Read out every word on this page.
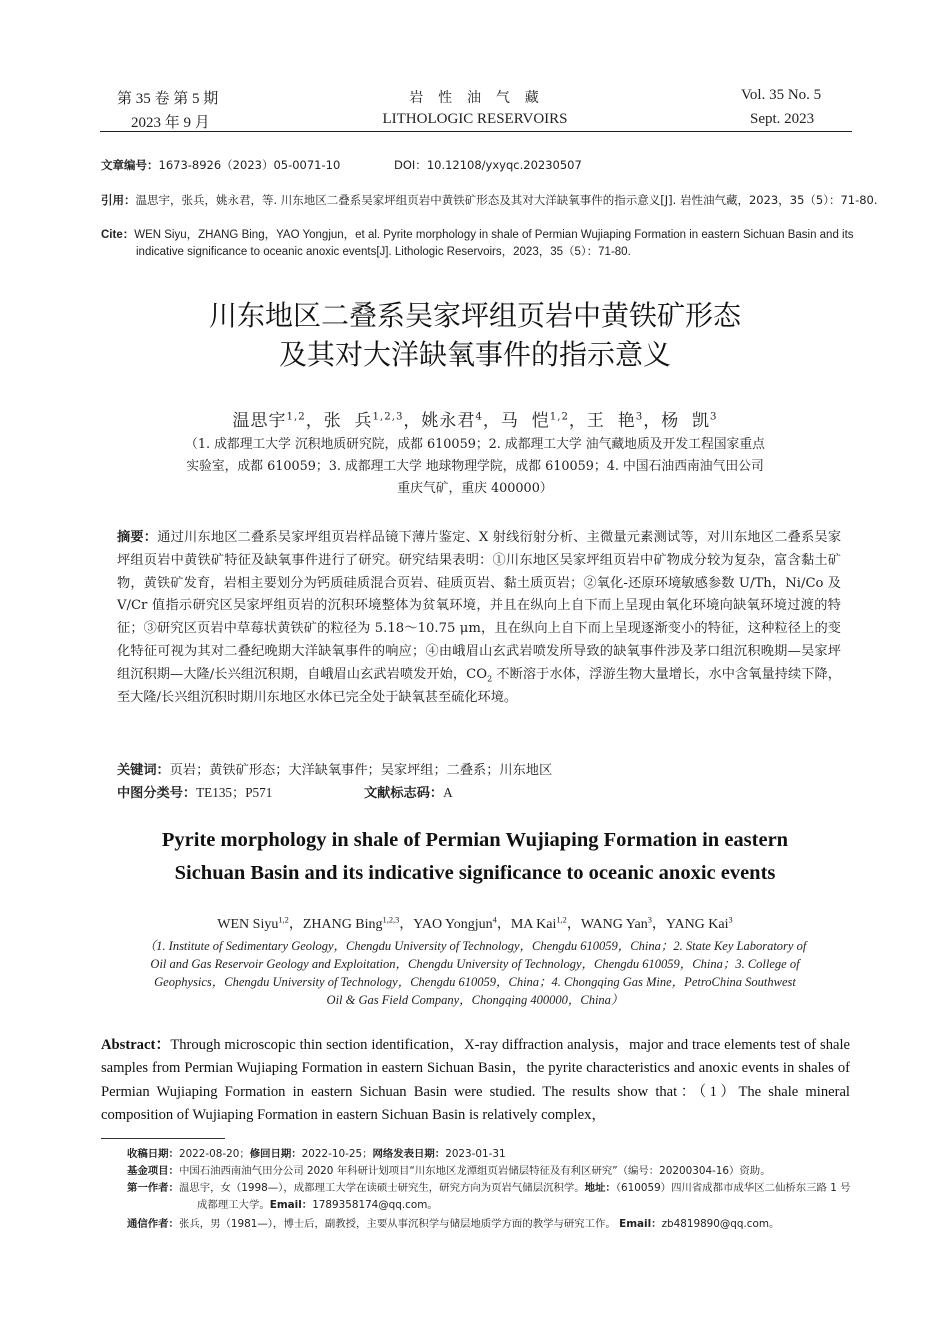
第 35 卷 第 5 期
2023 年 9 月
岩  性  油  气  藏
LITHOLOGIC RESERVOIRS
Vol. 35 No. 5
Sept. 2023
文章编号：1673-8926（2023）05-0071-10	DOI：10.12108/yxyqc.20230507
引用：温思宇，张兵，姚永君，等. 川东地区二叠系吴家坪组页岩中黄铁矿形态及其对大洋缺氧事件的指示意义[J]. 岩性油气藏，2023，35（5）：71-80.
Cite：WEN Siyu，ZHANG Bing，YAO Yongjun，et al. Pyrite morphology in shale of Permian Wujiaping Formation in eastern Sichuan Basin and its indicative significance to oceanic anoxic events[J]. Lithologic Reservoirs，2023，35（5）：71-80.
川东地区二叠系吴家坪组页岩中黄铁矿形态
及其对大洋缺氧事件的指示意义
温思宇$^{1,2}$，张  兵$^{1,2,3}$，姚永君$^4$，马  恺$^{1,2}$，王  艳$^3$，杨  凯$^3$
（1. 成都理工大学 沉积地质研究院，成都 610059；2. 成都理工大学 油气藏地质及开发工程国家重点
实验室，成都 610059；3. 成都理工大学 地球物理学院，成都 610059；4. 中国石油西南油气田公司
重庆气矿，重庆 400000）
摘要：通过川东地区二叠系吴家坪组页岩样品镜下薄片鉴定、X 射线衍射分析、主微量元素测试等，对川东地区二叠系吴家坪组页岩中黄铁矿特征及缺氧事件进行了研究。研究结果表明：①川东地区吴家坪组页岩中矿物成分较为复杂，富含黏土矿物，黄铁矿发育，岩相主要划分为钙质硅质混合页岩、硅质页岩、黏土质页岩；②氧化-还原环境敏感参数 U/Th，Ni/Co 及 V/Cr 值指示研究区吴家坪组页岩的沉积环境整体为贫氧环境，并且在纵向上自下而上呈现由氧化环境向缺氧环境过渡的特征；③研究区页岩中草莓状黄铁矿的粒径为 5.18～10.75 μm，且在纵向上自下而上呈现逐渐变小的特征，这种粒径上的变化特征可视为其对二叠纪晚期大洋缺氧事件的响应；④由峨眉山玄武岩喷发所导致的缺氧事件涉及茅口组沉积晚期—吴家坪组沉积期—大隆/长兴组沉积期，自峨眉山玄武岩喷发开始，$CO_2$ 不断溶于水体，浮游生物大量增长，水中含氧量持续下降，至大隆/长兴组沉积时期川东地区水体已完全处于缺氧甚至硫化环境。
关键词：页岩；黄铁矿形态；大洋缺氧事件；吴家坪组；二叠系；川东地区
中图分类号：TE135；P571	文献标志码：A
Pyrite morphology in shale of Permian Wujiaping Formation in eastern
Sichuan Basin and its indicative significance to oceanic anoxic events
WEN Siyu$^{1,2}$，ZHANG Bing$^{1,2,3}$，YAO Yongjun$^4$，MA Kai$^{1,2}$，WANG Yan$^3$，YANG Kai$^3$
（1. Institute of Sedimentary Geology，Chengdu University of Technology，Chengdu 610059，China；2. State Key Laboratory of
Oil and Gas Reservoir Geology and Exploitation，Chengdu University of Technology，Chengdu 610059，China；3. College of
Geophysics，Chengdu University of Technology，Chengdu 610059，China；4. Chongqing Gas Mine，PetroChina Southwest
Oil & Gas Field Company，Chongqing 400000，China）
Abstract：Through microscopic thin section identification，X-ray diffraction analysis，major and trace elements test of shale samples from Permian Wujiaping Formation in eastern Sichuan Basin，the pyrite characteristics and anoxic events in shales of Permian Wujiaping Formation in eastern Sichuan Basin were studied. The results show that：（1）The shale mineral composition of Wujiaping Formation in eastern Sichuan Basin is relatively complex，

收稿日期：2022-08-20；修回日期：2022-10-25；网络发表日期：2023-01-31

基金项目：中国石油西南油气田分公司 2020 年科研计划项目“川东地区龙潭组页岩储层特征及有利区研究”（编号：20200304-16）资助。

第一作者：温思宇，女（1998—），成都理工大学在读硕士研究生，研究方向为页岩气储层沉积学。地址：（610059）四川省成都市成华区二仙桥东三路 1 号成都理工大学。Email：1789358174@qq.com。

通信作者：张兵，男（1981—），博士后，副教授，主要从事沉积学与储层地质学方面的教学与研究工作。 Email：zb4819890@qq.com。
